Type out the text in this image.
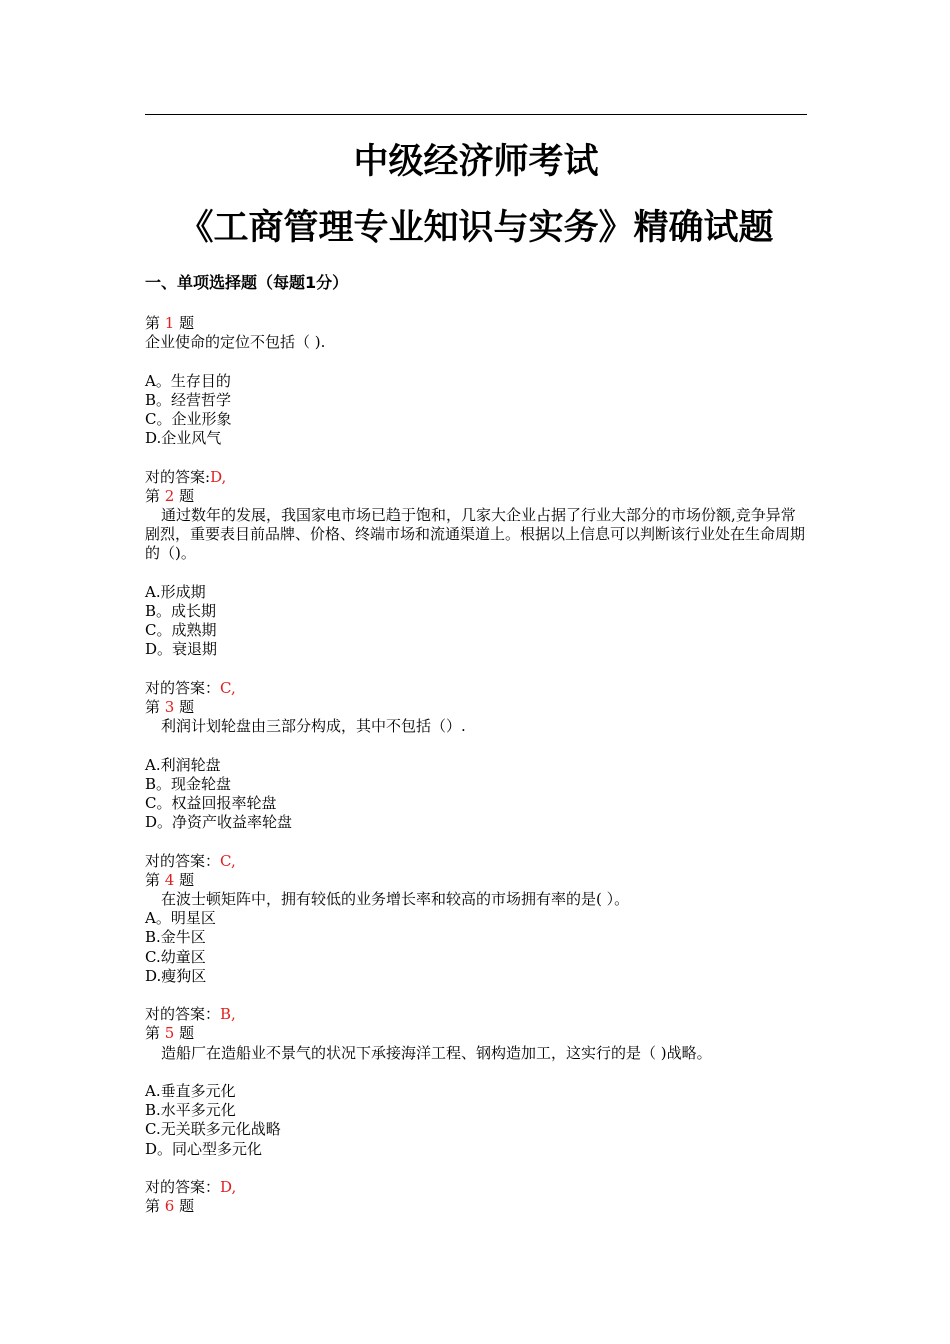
中级经济师考试
《工商管理专业知识与实务》精确试题
一、单项选择题（每题1分）
第 1 题
企业使命的定位不包括（ ).
A。生存目的
B。经营哲学
C。企业形象
D.企业风气
对的答案:D,
第 2 题
通过数年的发展，我国家电市场已趋于饱和，几家大企业占据了行业大部分的市场份额,竞争异常剧烈，重要表目前品牌、价格、终端市场和流通渠道上。根据以上信息可以判断该行业处在生命周期的（)。
A.形成期
B。成长期
C。成熟期
D。衰退期
对的答案：C,
第 3 题
利润计划轮盘由三部分构成，其中不包括（）.
A.利润轮盘
B。现金轮盘
C。权益回报率轮盘
D。净资产收益率轮盘
对的答案：C,
第 4 题
在波士顿矩阵中，拥有较低的业务增长率和较高的市场拥有率的是( ）。
A。明星区
B.金牛区
C.幼童区
D.瘦狗区
对的答案：B,
第 5 题
造船厂在造船业不景气的状况下承接海洋工程、钢构造加工，这实行的是（ )战略。
A.垂直多元化
B.水平多元化
C.无关联多元化战略
D。同心型多元化
对的答案：D,
第 6 题
